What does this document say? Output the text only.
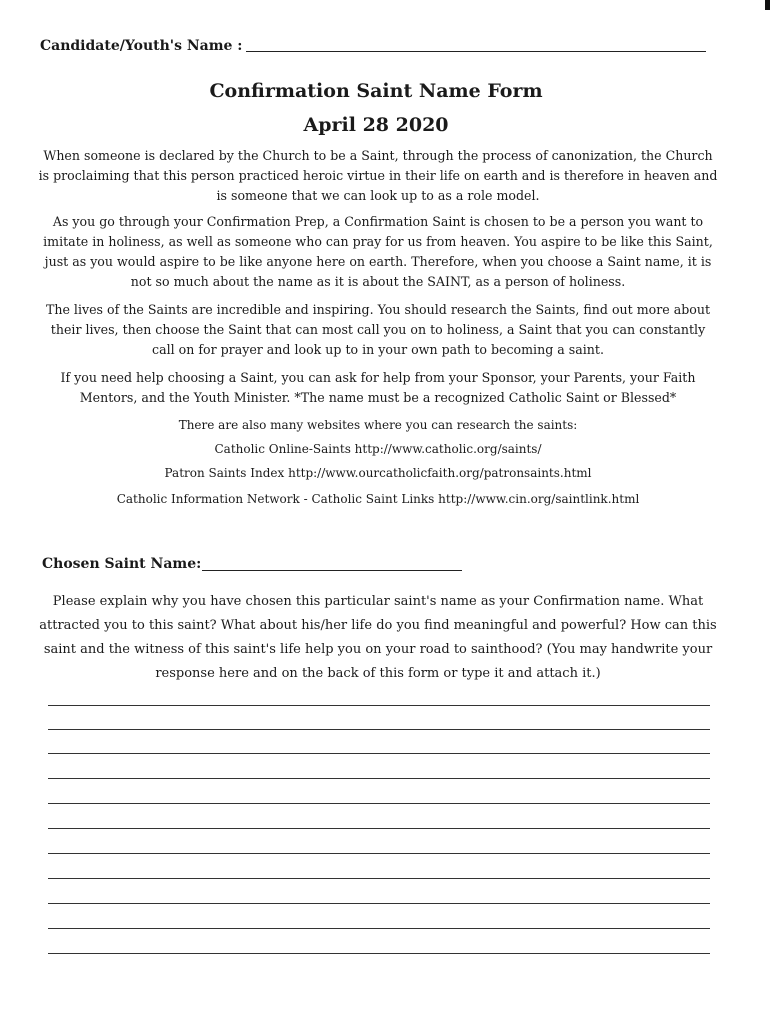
Candidate/Youth's Name :
Confirmation Saint Name Form
April 28 2020
When someone is declared by the Church to be a Saint, through the process of canonization, the Church is proclaiming that this person practiced heroic virtue in their life on earth and is therefore in heaven and is someone that we can look up to as a role model.
As you go through your Confirmation Prep, a Confirmation Saint is chosen to be a person you want to imitate in holiness, as well as someone who can pray for us from heaven. You aspire to be like this Saint, just as you would aspire to be like anyone here on earth. Therefore, when you choose a Saint name, it is not so much about the name as it is about the SAINT, as a person of holiness.
The lives of the Saints are incredible and inspiring. You should research the Saints, find out more about their lives, then choose the Saint that can most call you on to holiness, a Saint that you can constantly call on for prayer and look up to in your own path to becoming a saint.
If you need help choosing a Saint, you can ask for help from your Sponsor, your Parents, your Faith Mentors, and the Youth Minister. *The name must be a recognized Catholic Saint or Blessed*
There are also many websites where you can research the saints:
Catholic Online-Saints http://www.catholic.org/saints/
Patron Saints Index http://www.ourcatholicfaith.org/patronsaints.html
Catholic Information Network - Catholic Saint Links http://www.cin.org/saintlink.html
Chosen Saint Name:
Please explain why you have chosen this particular saint's name as your Confirmation name. What attracted you to this saint? What about his/her life do you find meaningful and powerful? How can this saint and the witness of this saint's life help you on your road to sainthood? (You may handwrite your response here and on the back of this form or type it and attach it.)
